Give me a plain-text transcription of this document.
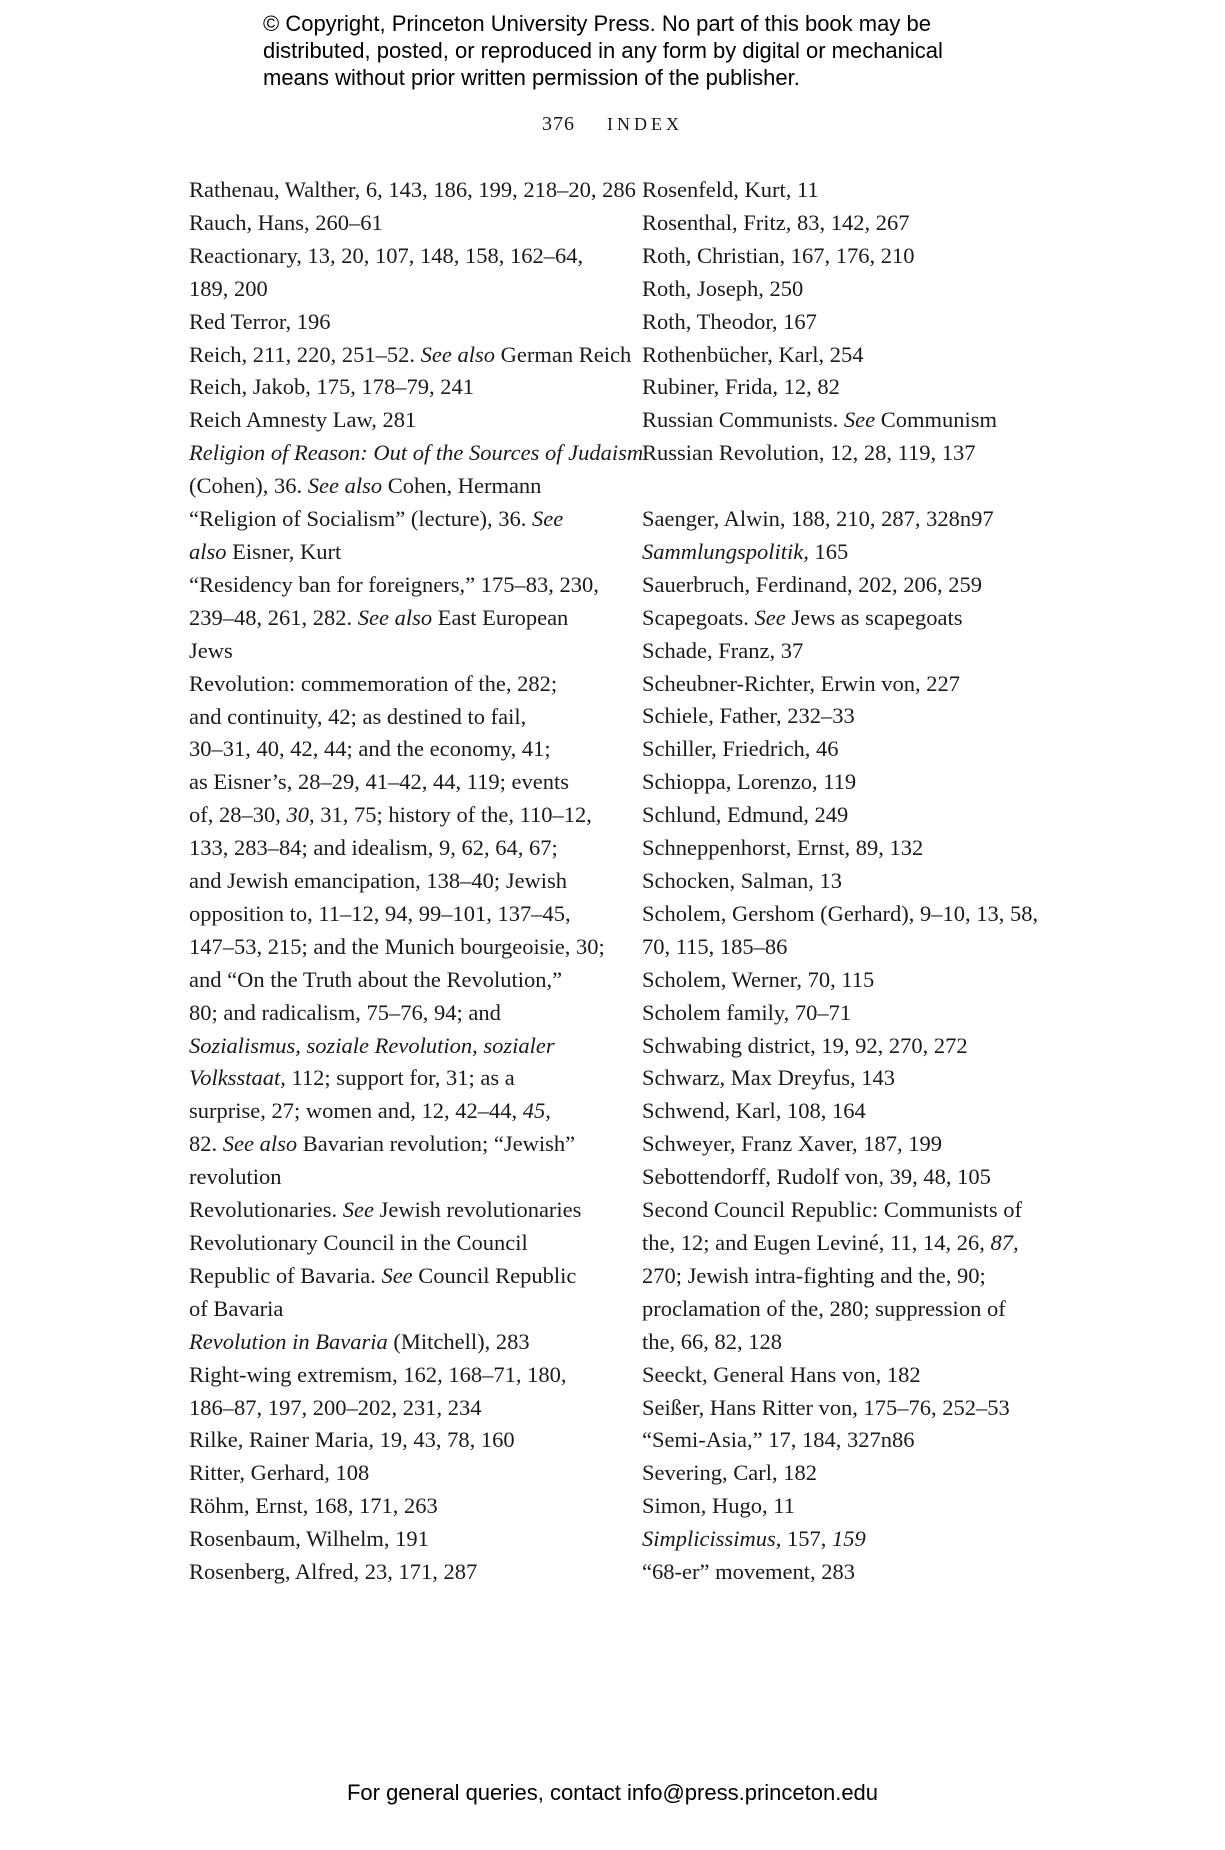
© Copyright, Princeton University Press. No part of this book may be
distributed, posted, or reproduced in any form by digital or mechanical
means without prior written permission of the publisher.
376 INDEX
Rathenau, Walther, 6, 143, 186, 199, 218–20, 286
Rauch, Hans, 260–61
Reactionary, 13, 20, 107, 148, 158, 162–64,
189, 200
Red Terror, 196
Reich, 211, 220, 251–52. See also German Reich
Reich, Jakob, 175, 178–79, 241
Reich Amnesty Law, 281
Religion of Reason: Out of the Sources of Judaism
(Cohen), 36. See also Cohen, Hermann
“Religion of Socialism” (lecture), 36. See
also Eisner, Kurt
“Residency ban for foreigners,” 175–83, 230,
239–48, 261, 282. See also East European
Jews
Revolution: commemoration of the, 282;
and continuity, 42; as destined to fail,
30–31, 40, 42, 44; and the economy, 41;
as Eisner’s, 28–29, 41–42, 44, 119; events
of, 28–30, 30, 31, 75; history of the, 110–12,
133, 283–84; and idealism, 9, 62, 64, 67;
and Jewish emancipation, 138–40; Jewish
opposition to, 11–12, 94, 99–101, 137–45,
147–53, 215; and the Munich bourgeoisie, 30;
and “On the Truth about the Revolution,”
80; and radicalism, 75–76, 94; and
Sozialismus, soziale Revolution, sozialer
Volksstaat, 112; support for, 31; as a
surprise, 27; women and, 12, 42–44, 45,
82. See also Bavarian revolution; “Jewish”
revolution
Revolutionaries. See Jewish revolutionaries
Revolutionary Council in the Council
Republic of Bavaria. See Council Republic
of Bavaria
Revolution in Bavaria (Mitchell), 283
Right-wing extremism, 162, 168–71, 180,
186–87, 197, 200–202, 231, 234
Rilke, Rainer Maria, 19, 43, 78, 160
Ritter, Gerhard, 108
Röhm, Ernst, 168, 171, 263
Rosenbaum, Wilhelm, 191
Rosenberg, Alfred, 23, 171, 287
Rosenfeld, Kurt, 11
Rosenthal, Fritz, 83, 142, 267
Roth, Christian, 167, 176, 210
Roth, Joseph, 250
Roth, Theodor, 167
Rothenbücher, Karl, 254
Rubiner, Frida, 12, 82
Russian Communists. See Communism
Russian Revolution, 12, 28, 119, 137
Saenger, Alwin, 188, 210, 287, 328n97
Sammlungspolitik, 165
Sauerbruch, Ferdinand, 202, 206, 259
Scapegoats. See Jews as scapegoats
Schade, Franz, 37
Scheubner-Richter, Erwin von, 227
Schiele, Father, 232–33
Schiller, Friedrich, 46
Schioppa, Lorenzo, 119
Schlund, Edmund, 249
Schneppenhorst, Ernst, 89, 132
Schocken, Salman, 13
Scholem, Gershom (Gerhard), 9–10, 13, 58,
70, 115, 185–86
Scholem, Werner, 70, 115
Scholem family, 70–71
Schwabing district, 19, 92, 270, 272
Schwarz, Max Dreyfus, 143
Schwend, Karl, 108, 164
Schweyer, Franz Xaver, 187, 199
Sebottendorff, Rudolf von, 39, 48, 105
Second Council Republic: Communists of
the, 12; and Eugen Leviné, 11, 14, 26, 87,
270; Jewish intra-fighting and the, 90;
proclamation of the, 280; suppression of
the, 66, 82, 128
Seeckt, General Hans von, 182
Seißer, Hans Ritter von, 175–76, 252–53
“Semi-Asia,” 17, 184, 327n86
Severing, Carl, 182
Simon, Hugo, 11
Simplicissimus, 157, 159
“68-er” movement, 283
For general queries, contact info@press.princeton.edu
